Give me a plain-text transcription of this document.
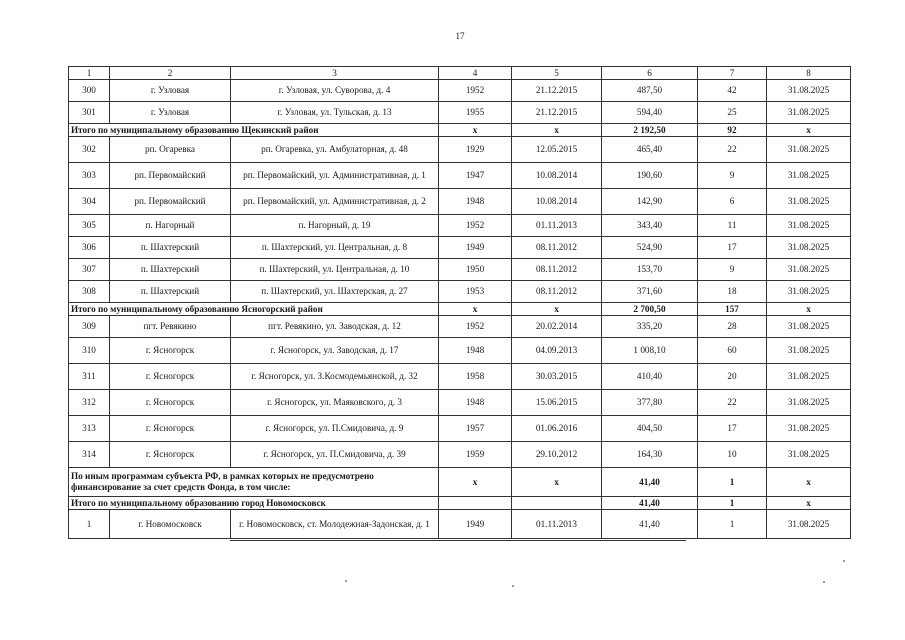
17
1	2	3	4	5	6	7	8
300	г. Узловая	г. Узловая, ул. Суворова, д. 4	1952	21.12.2015	487,50	42	31.08.2025
301	г. Узловая	г. Узловая, ул. Тульская, д. 13	1955	21.12.2015	594,40	25	31.08.2025
Итого по муниципальному образованию Щекинский район			х	х	2 192,50	92	х
302	рп. Огаревка	рп. Огаревка, ул. Амбулаторная, д. 48	1929	12.05.2015	465,40	22	31.08.2025
303	рп. Первомайский	рп. Первомайский, ул. Административная, д. 1	1947	10.08.2014	190,60	9	31.08.2025
304	рп. Первомайский	рп. Первомайский, ул. Административная, д. 2	1948	10.08.2014	142,90	6	31.08.2025
305	п. Нагорный	п. Нагорный, д. 19	1952	01.11.2013	343,40	11	31.08.2025
306	п. Шахтерский	п. Шахтерский, ул. Центральная, д. 8	1949	08.11.2012	524,90	17	31.08.2025
307	п. Шахтерский	п. Шахтерский, ул. Центральная, д. 10	1950	08.11.2012	153,70	9	31.08.2025
308	п. Шахтерский	п. Шахтерский, ул. Шахтерская, д. 27	1953	08.11.2012	371,60	18	31.08.2025
Итого по муниципальному образованию Ясногорский район			х	х	2 700,50	157	х
309	пгт. Ревякино	пгт. Ревякино, ул. Заводская, д. 12	1952	20.02.2014	335,20	28	31.08.2025
310	г. Ясногорск	г. Ясногорск, ул. Заводская, д. 17	1948	04.09.2013	1 008,10	60	31.08.2025
311	г. Ясногорск	г. Ясногорск, ул. З.Космодемьянской, д. 32	1958	30.03.2015	410,40	20	31.08.2025
312	г. Ясногорск	г. Ясногорск, ул. Маяковского, д. 3	1948	15.06.2015	377,80	22	31.08.2025
313	г. Ясногорск	г. Ясногорск, ул. П.Смидовича, д. 9	1957	01.06.2016	404,50	17	31.08.2025
314	г. Ясногорск	г. Ясногорск, ул. П.Смидовича, д. 39	1959	29.10.2012	164,30	10	31.08.2025
По иным программам субъекта РФ, в рамках которых не предусмотрено финансирование за счет средств Фонда, в том числе:			х	х	41,40	1	х
Итого по муниципальному образованию город Новомосковск					41,40	1	х
1	г. Новомосковск	г. Новомосковск, ст. Молодежная-Задонская, д. 1	1949	01.11.2013	41,40	1	31.08.2025
